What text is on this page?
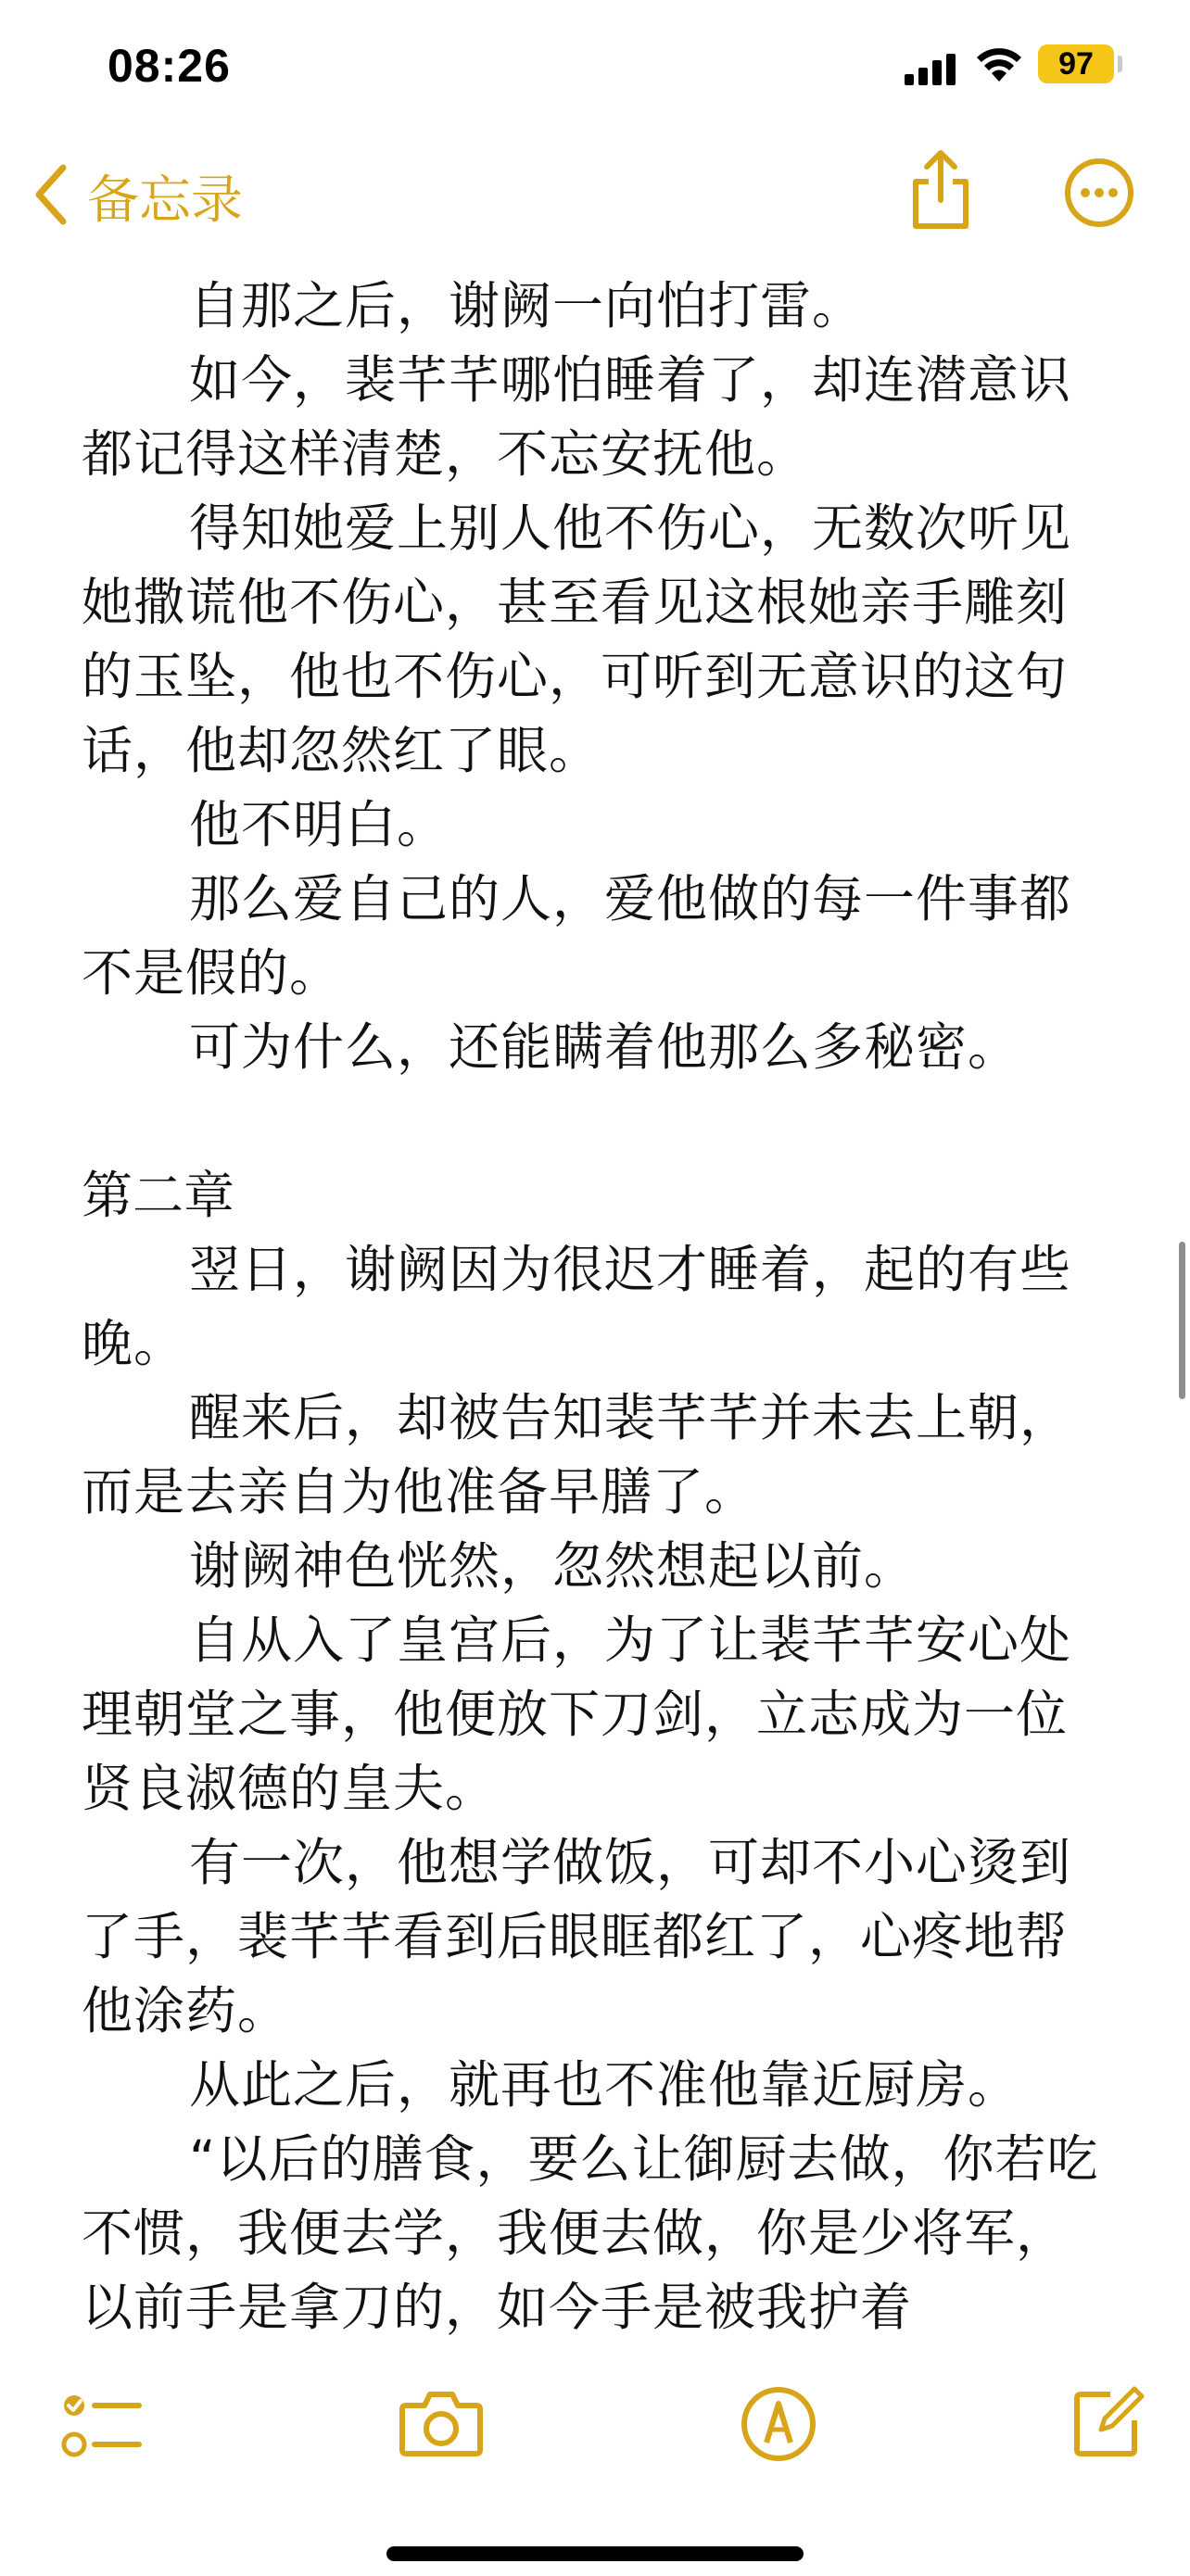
08:26	97
备忘录

自那之后，谢阙一向怕打雷。

如今，裴芊芊哪怕睡着了，却连潜意识都记得这样清楚，不忘安抚他。

得知她爱上别人他不伤心，无数次听见她撒谎他不伤心，甚至看见这根她亲手雕刻的玉坠，他也不伤心，可听到无意识的这句话，他却忽然红了眼。

他不明白。

那么爱自己的人，爱他做的每一件事都不是假的。

可为什么，还能瞒着他那么多秘密。

第二章

翌日，谢阙因为很迟才睡着，起的有些晚。

醒来后，却被告知裴芊芊并未去上朝，而是去亲自为他准备早膳了。

谢阙神色恍然，忽然想起以前。

自从入了皇宫后，为了让裴芊芊安心处理朝堂之事，他便放下刀剑，立志成为一位贤良淑德的皇夫。

有一次，他想学做饭，可却不小心烫到了手，裴芊芊看到后眼眶都红了，心疼地帮他涂药。

从此之后，就再也不准他靠近厨房。

“以后的膳食，要么让御厨去做，你若吃不惯，我便去学，我便去做，你是少将军，以前手是拿刀的，如今手是被我护着
